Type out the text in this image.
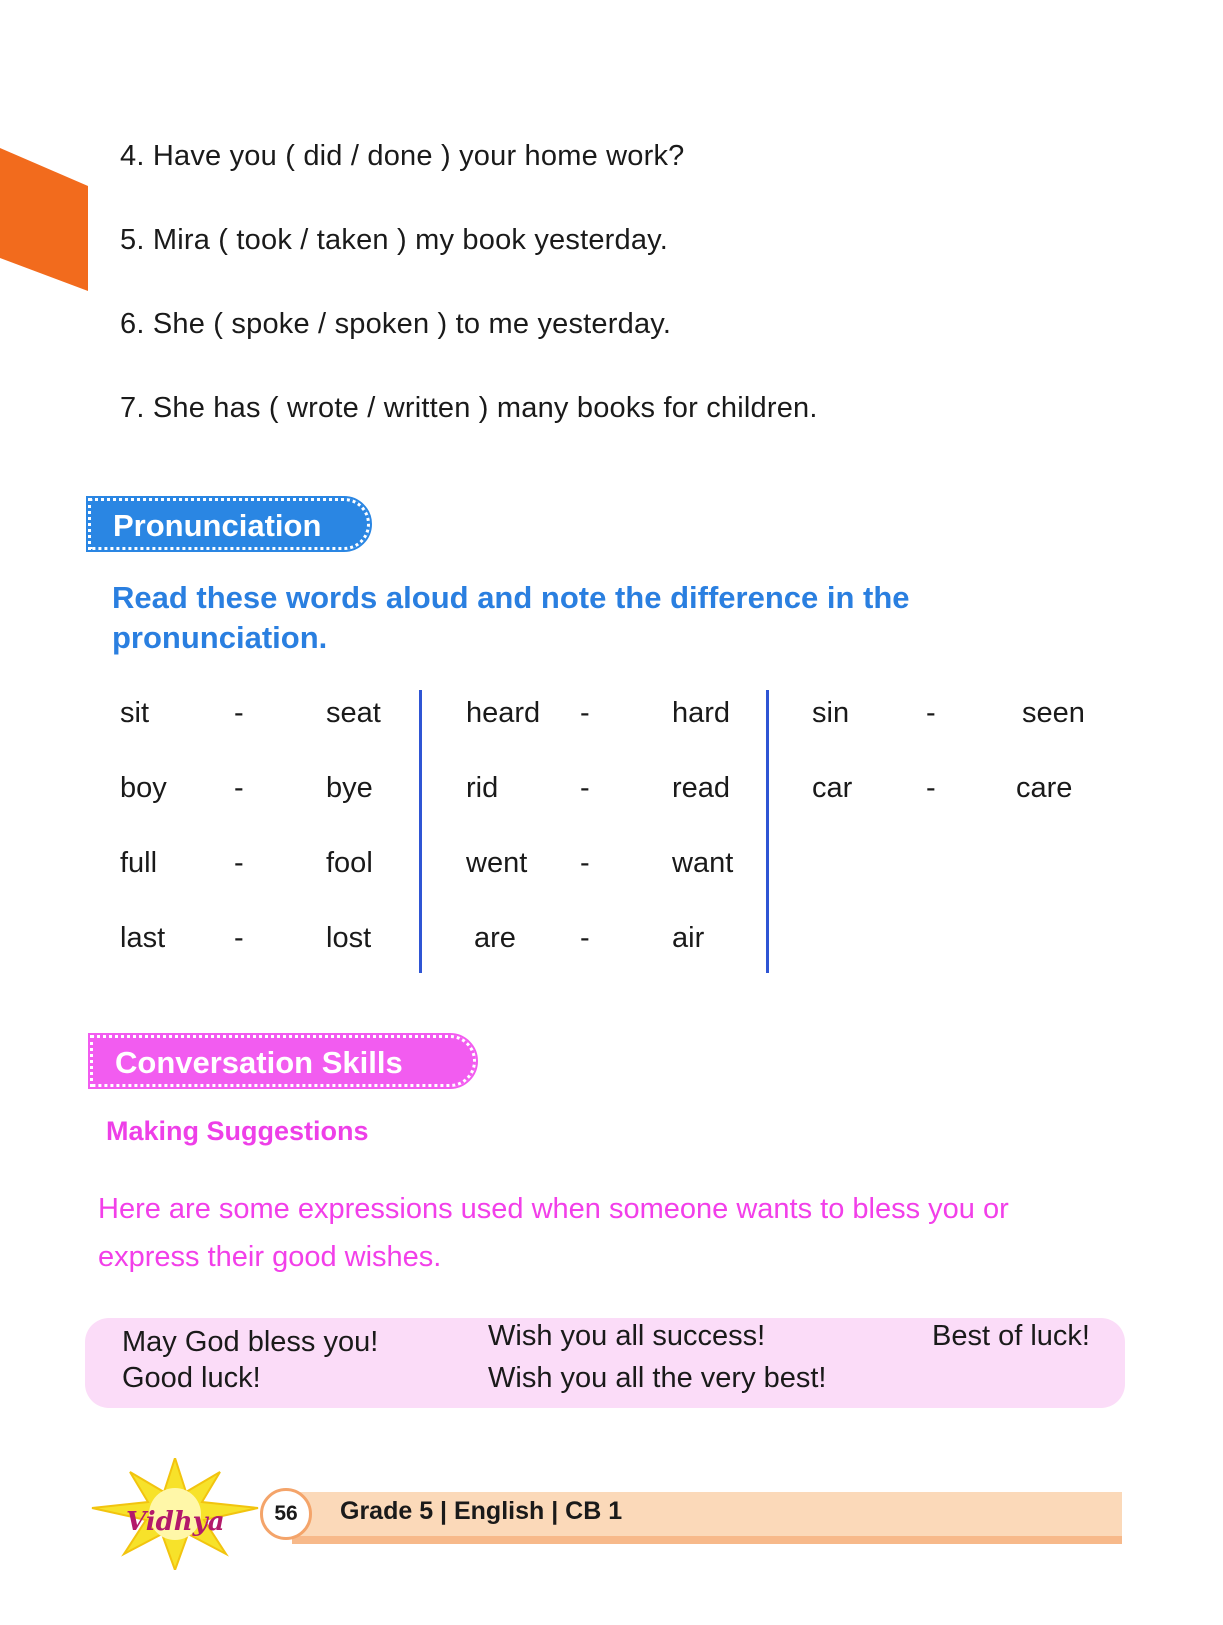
4. Have you ( did / done ) your home work?
5. Mira ( took / taken ) my book yesterday.
6. She ( spoke / spoken ) to me yesterday.
7. She has ( wrote / written ) many books for children.
Pronunciation
Read these words aloud and note the difference in the pronunciation.
sit	-	seat
boy -	bye
full	-	fool
last -	lost
heard -	hard
rid	-	read
went -	want
are -	air
sin	-	seen
car	-	care
Conversation Skills
Making Suggestions
Here are some expressions used when someone wants to bless you or express their good wishes.
May God bless you!
Good luck!
Wish you all success!
Wish you all the very best!
Best of luck!
Vidhya	56	Grade 5 | English | CB 1
